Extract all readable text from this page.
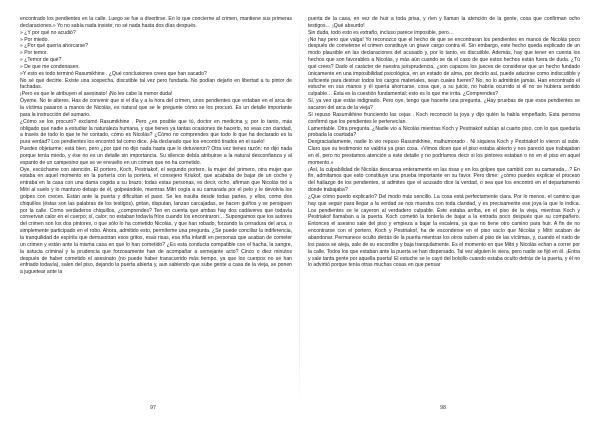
encontrado los pendientes en la calle. Luego se fue a divertirse. En lo que concierne al crimen, mantiene sus primeras declaraciones.» Yo no sabía nada insiste; no sé nada hasta dos días después.

» ¿Y por qué no acudió?

» Por miedo.

» ¿Por qué quería ahorcarse?

» Por temor.

» ¿Temor de qué?

» De que me condenasen.

»Y esto es todo terminó Rasumikhine . ¿Qué conclusiones crees que han sacado?

No sé qué decirte. Existe una sospecha, discutible tal vez pero fundada. No podían dejarlo en libertad a tu pintor de fachadas.

¡Pero es que le atribuyen el asesinato! ¡No les cabe la menor duda!

Óyeme. No te alteres. Has de convenir que si el día y a la hora del crimen, unos pendientes que estaban en el arca de la víctima pasaron a manos de Nicolás, es natural que se le pregunte cómo se los procuró. Es un detalle importante para la instrucción del sumario.

¿Cómo se los procuró? exclamó Rasumikhine . Pero ¿es posible que tú, doctor en medicina y, por lo tanto, más obligado que nadie a estudiar la naturaleza humana, y que tienes ya tantas ocasiones de hacerlo, no veas con claridad, a través de todo lo que te he contado, cómo es Nicolás? ¿Cómo no comprendes que todo lo que ha declarado es la pura verdad? Los pendientes los encontró tal como dice. ¡Ha declarado que los encontró tirados en el suelo!

Puedes objetarme: está bien, pero ¿por qué no dijo nada hasta que lo detuvieron? Otra vez tienes razón: no dijo nada porque tenía miedo, y ése no es un detalle sin importancia. Su silencio debía atribuirse a la natural desconfianza y al espanto de un campesino que se ve envuelto en un crimen que no ha cometido.

Oye, escúchame con atención. El portero, Koch, Pestriakof, el segundo portero, la mujer del primero, otra mujer que estaba en aquel momento en la portería con la portera, el consejero Kriukof, que acababa de bajar de un coche y entraba en la casa con una dama cogida a su brazo; todas estas personas, es decir, ocho, afirman que Nicolás tiró a Mitri al suelo y lo mantuvo debajo de él, golpeándole, mientras Mitri cogía a su camarada por el pelo y le devolvía los golpes con creces. Están ante la puerta y dificultan el paso. Se les insulta desde todas partes, y ellos, como dos chiquillos (éstas son las palabras de los testigos), gritan, disputan, lanzan carcajadas, se hacen guiños y se persiguen por la calle. Como verdaderos chiquillos, ¿comprendes? Ten en cuenta que ambas hay dos cadáveres que todavía conservan calor en el cuerpo; sí, calor; no estaban todavía fríos cuando los encontraron… Supongamos que los autores del crimen son los dos pintores, o que sólo lo ha cometido Nicolás, y que han robado, forzando la cerradura del arca, o simplemente participado en el robo. Ahora, admitido esto, permíteme una pregunta. ¿Se puede conciliar la indiferencia, la tranquilidad de espíritu que demuestran esos gritos, esas risas, esa riña infantil en personas que acaban de cometer un crimen y están ante la misma casa en que lo han cometido? ¿Es esta conducta compatible con el hacha, la sangre, la astucia criminal y la prudencia que forzosamente han de acompañar a semejante acto? Cinco o diez minutos después de haber cometido el asesinato (no puede haber transcurrido más tiempo, ya que los cuerpos no se han enfriado todavía), salen del piso, dejando la puerta abierta y, aun sabiendo que sube gente a casa de la vieja, se ponen a juguetear ante la

puerta de la casa, en vez de huir a toda prisa, y ríen y llaman la atención de la gente, cosa que confirman ocho testigos… ¡Qué absurdo!

Sin duda, todo esto es extraño, incluso parece imposible, pero…

¡No hay pero que valga! Yo reconozco que el hecho de que se encontraran los pendientes en manos de Nicolás poco después de cometerse el crimen constituye un grave cargo contra él. Sin embargo, este hecho queda explicado de un modo plausible en las declaraciones del acusado y, por lo tanto, es discutible. Además, hay que tener en cuenta los hechos que son favorables a Nicolás, y más aún cuando se da el caso de que estos hechos están fuera de duda. ¿Tú qué crees? Dado el carácter de nuestra jurisprudencia, ¿son capaces los jueces de considerar que un hecho fundado únicamente en una imposibilidad psicológica, en un estado de alma, por decirlo así, puede aducirse como indiscutible y suficiente para destruir todos los cargos materiales, sean cuales fueren? No, no lo admitirán jamás. Han encontrado el estuche en sus manos y él quería ahorcarse, cosa que, a su juicio, no habría ocurrido si él no se hubiera sentido culpable… Ésta es la cuestión fundamental; esto es lo que me irrita. ¿Comprendes?

Sí, ya veo que estás indignado. Pero oye, tengo que hacerte una pregunta. ¿Hay pruebas de que esos pendientes se sacaron del arca de la vieja?

Sí repuso Rasumikhine frunciendo las cejas . Koch reconoció la joya y dijo quién la había empeñado. Esta persona confirmó que los pendientes le pertenecían.

Lamentable. Otra pregunta. ¿Nadie vio a Nicolás mientras Koch y Pestriakof subían al cuarto piso, con lo que quedaría probada la coartada?

Desgraciadamente, nadie lo vio repuso Rasumikhine, malhumorado . Ni siquiera Koch y Pestriakof lo vieron al subir. Claro que su testimonio no valdría ya gran cosa. «Vimos dicen que el piso estaba abierto y nos pareció que trabajaban en él, pero no prestamos atención a este detalle y no podríamos decir si los pintores estaban o no en el piso en aquel momento.»

¡Así, la culpabilidad de Nicolás descansa enteramente en las risas y en los golpes que cambió con su camarada…? En fin, admitamos que esto constituye una prueba importante en su favor. Pero dime: ¿cómo puedes explicar el proceso del hallazgo de los pendientes, si admites que el acusado dice la verdad, o sea que los encontró en el departamento donde trabajaba?

¿Que cómo puedo explicarlo? Del modo más sencillo. La cosa está perfectamente clara. Por lo menos, el camino que hay que seguir para llegar a la verdad se nos muestra con toda claridad, y es precisamente ese joya la que lo indica. Los pendientes se le cayeron al verdadero culpable. Éste estaba arriba, en el piso de la vieja, mientras Koch y Pestriakof llamaban a la puerta. Koch cometió la tontería de bajar a la entrada poco después que su compañero. Entonces el asesino sale del piso y empieza a bajar la escalera, ya que no tiene otro camino para huir. A fin de no encontrarse con el portero, Koch y Pestriakof, ha de esconderse en el piso vacío que Nicolás y Mitri acaban de abandonar. Permanece oculto detrás de la puerta mientras los otros suben al piso de las víctimas, y, cuando el ruido de los pasos se aleja, sale de su escondite y baja tranquilamente. Es el momento en que Mitri y Nicolás echan a correr por la calle. Todos los que estaban ante la puerta se han dispersado. Tal vez alguien le viera, pero nadie se fijó en él. ¡Entra y sale tanta gente por aquella puerta! El estuche se le cayó del bolsillo cuando estaba oculto detrás de la puerta, y él no lo advirtió porque tenía otras muchas cosas en que pensar

97	98
